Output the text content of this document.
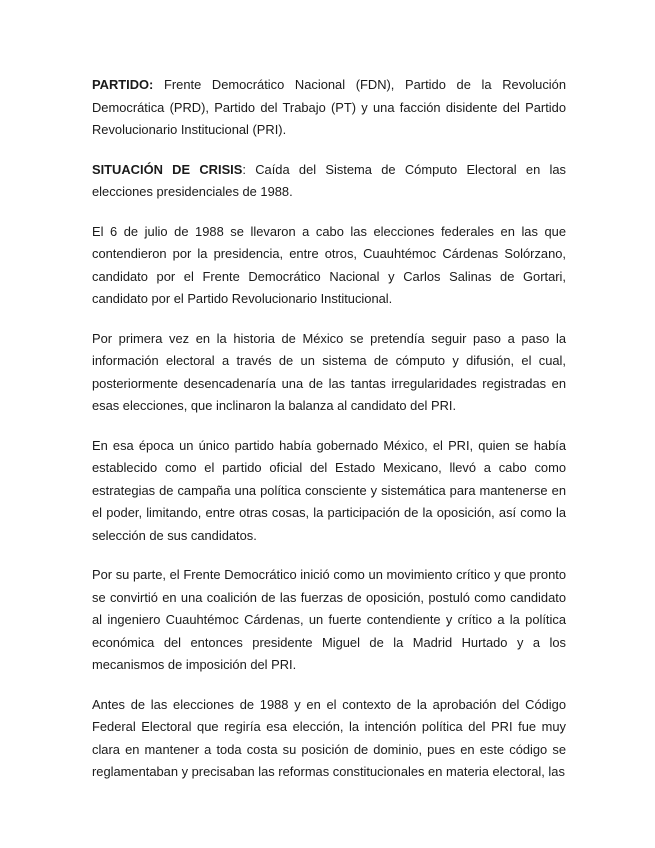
PARTIDO: Frente Democrático Nacional (FDN), Partido de la Revolución Democrática (PRD), Partido del Trabajo (PT) y una facción disidente del Partido Revolucionario Institucional (PRI).

SITUACIÓN DE CRISIS: Caída del Sistema de Cómputo Electoral en las elecciones presidenciales de 1988.

El 6 de julio de 1988 se llevaron a cabo las elecciones federales en las que contendieron por la presidencia, entre otros, Cuauhtémoc Cárdenas Solórzano, candidato por el Frente Democrático Nacional y Carlos Salinas de Gortari, candidato por el Partido Revolucionario Institucional.

Por primera vez en la historia de México se pretendía seguir paso a paso la información electoral a través de un sistema de cómputo y difusión, el cual, posteriormente desencadenaría una de las tantas irregularidades registradas en esas elecciones, que inclinaron la balanza al candidato del PRI.

En esa época un único partido había gobernado México, el PRI, quien se había establecido como el partido oficial del Estado Mexicano, llevó a cabo como estrategias de campaña una política consciente y sistemática para mantenerse en el poder, limitando, entre otras cosas, la participación de la oposición, así como la selección de sus candidatos.

Por su parte, el Frente Democrático inició como un movimiento crítico y que pronto se convirtió en una coalición de las fuerzas de oposición, postuló como candidato al ingeniero Cuauhtémoc Cárdenas, un fuerte contendiente y crítico a la política económica del entonces presidente Miguel de la Madrid Hurtado y a los mecanismos de imposición del PRI.

Antes de las elecciones de 1988 y en el contexto de la aprobación del Código Federal Electoral que regiría esa elección, la intención política del PRI fue muy clara en mantener a toda costa su posición de dominio, pues en este código se reglamentaban y precisaban las reformas constitucionales en materia electoral, las
